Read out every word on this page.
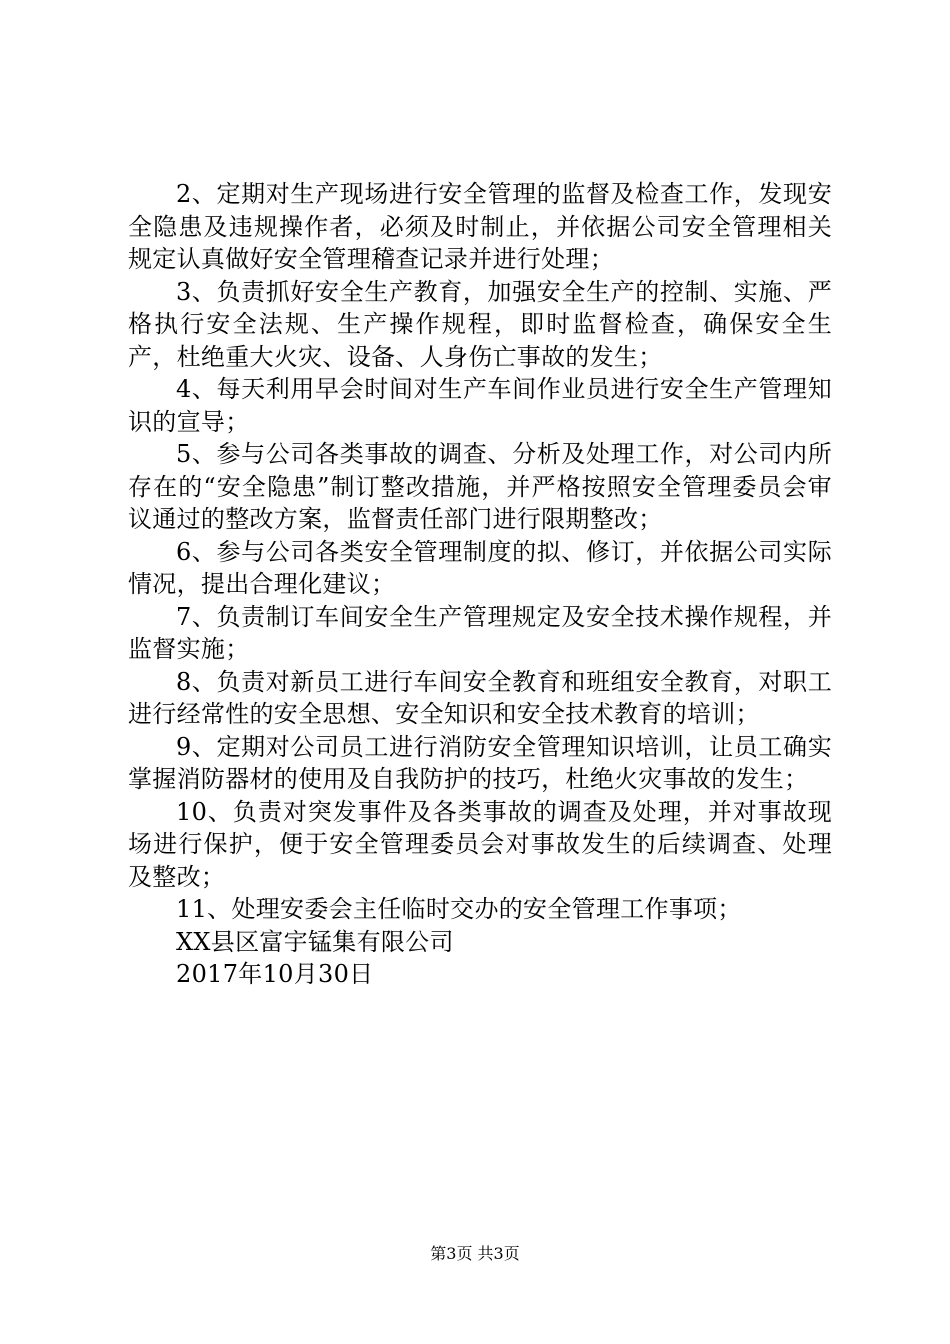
2、定期对生产现场进行安全管理的监督及检查工作，发现安全隐患及违规操作者，必须及时制止，并依据公司安全管理相关规定认真做好安全管理稽查记录并进行处理；

3、负责抓好安全生产教育，加强安全生产的控制、实施、严格执行安全法规、生产操作规程，即时监督检查，确保安全生产，杜绝重大火灾、设备、人身伤亡事故的发生；

4、每天利用早会时间对生产车间作业员进行安全生产管理知识的宣导；

5、参与公司各类事故的调查、分析及处理工作，对公司内所存在的“安全隐患”制订整改措施，并严格按照安全管理委员会审议通过的整改方案，监督责任部门进行限期整改；

6、参与公司各类安全管理制度的拟、修订，并依据公司实际情况，提出合理化建议；

7、负责制订车间安全生产管理规定及安全技术操作规程，并监督实施；

8、负责对新员工进行车间安全教育和班组安全教育，对职工进行经常性的安全思想、安全知识和安全技术教育的培训；

9、定期对公司员工进行消防安全管理知识培训，让员工确实掌握消防器材的使用及自我防护的技巧，杜绝火灾事故的发生；

10、负责对突发事件及各类事故的调查及处理，并对事故现场进行保护，便于安全管理委员会对事故发生的后续调查、处理及整改；

11、处理安委会主任临时交办的安全管理工作事项；

XX县区富宇锰集有限公司

2017年10月30日

第3页 共3页
